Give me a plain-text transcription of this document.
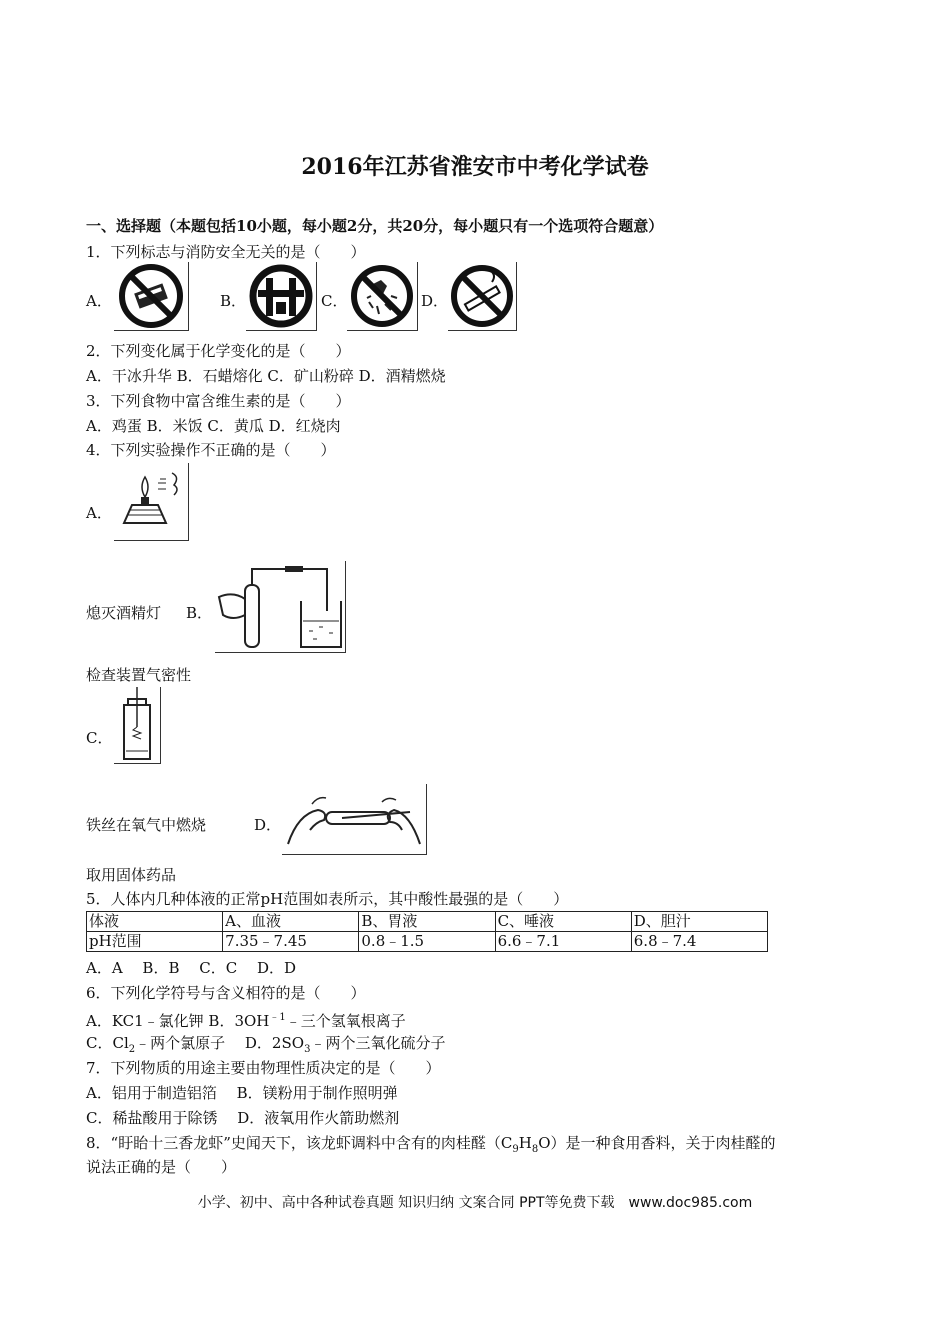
2016年江苏省淮安市中考化学试卷
一、选择题（本题包括10小题，每小题2分，共20分，每小题只有一个选项符合题意）
1．下列标志与消防安全无关的是（　　）
A．	B．	C．	D．
2．下列变化属于化学变化的是（　　）
A．干冰升华 B．石蜡熔化 C．矿山粉碎 D．酒精燃烧
3．下列食物中富含维生素的是（　　）
A．鸡蛋 B．米饭 C．黄瓜 D．红烧肉
4．下列实验操作不正确的是（　　）
A．
熄灭酒精灯 B．
检查装置气密性
C．
铁丝在氧气中燃烧	D．
取用固体药品
5．人体内几种体液的正常pH范围如表所示，其中酸性最强的是（　　）
体液	A、血液	B、胃液	C、唾液	D、胆汁
pH范围	7.35﹣7.45	0.8﹣1.5	6.6﹣7.1	6.8﹣7.4
A．A　 B．B　 C．C　 D．D
6．下列化学符号与含义相符的是（　　）
A．KC1﹣氯化钾 B．$3OH^{﹣1}﹣$三个氢氧根离子
C．$Cl_2﹣$两个氯原子　 D．$2SO_3﹣$两个三氧化硫分子
7．下列物质的用途主要由物理性质决定的是（　　）
A．铝用于制造铝箔　 B．镁粉用于制作照明弹
C．稀盐酸用于除锈　 D．液氧用作火箭助燃剂
8．“盱眙十三香龙虾”史闻天下，该龙虾调料中含有的肉桂醛$(C_9H_8O)$是一种食用香料，关于肉桂醛的
说法正确的是（　　）
小学、初中、高中各种试卷真题 知识归纳 文案合同 PPT等免费下载　www.doc985.com
